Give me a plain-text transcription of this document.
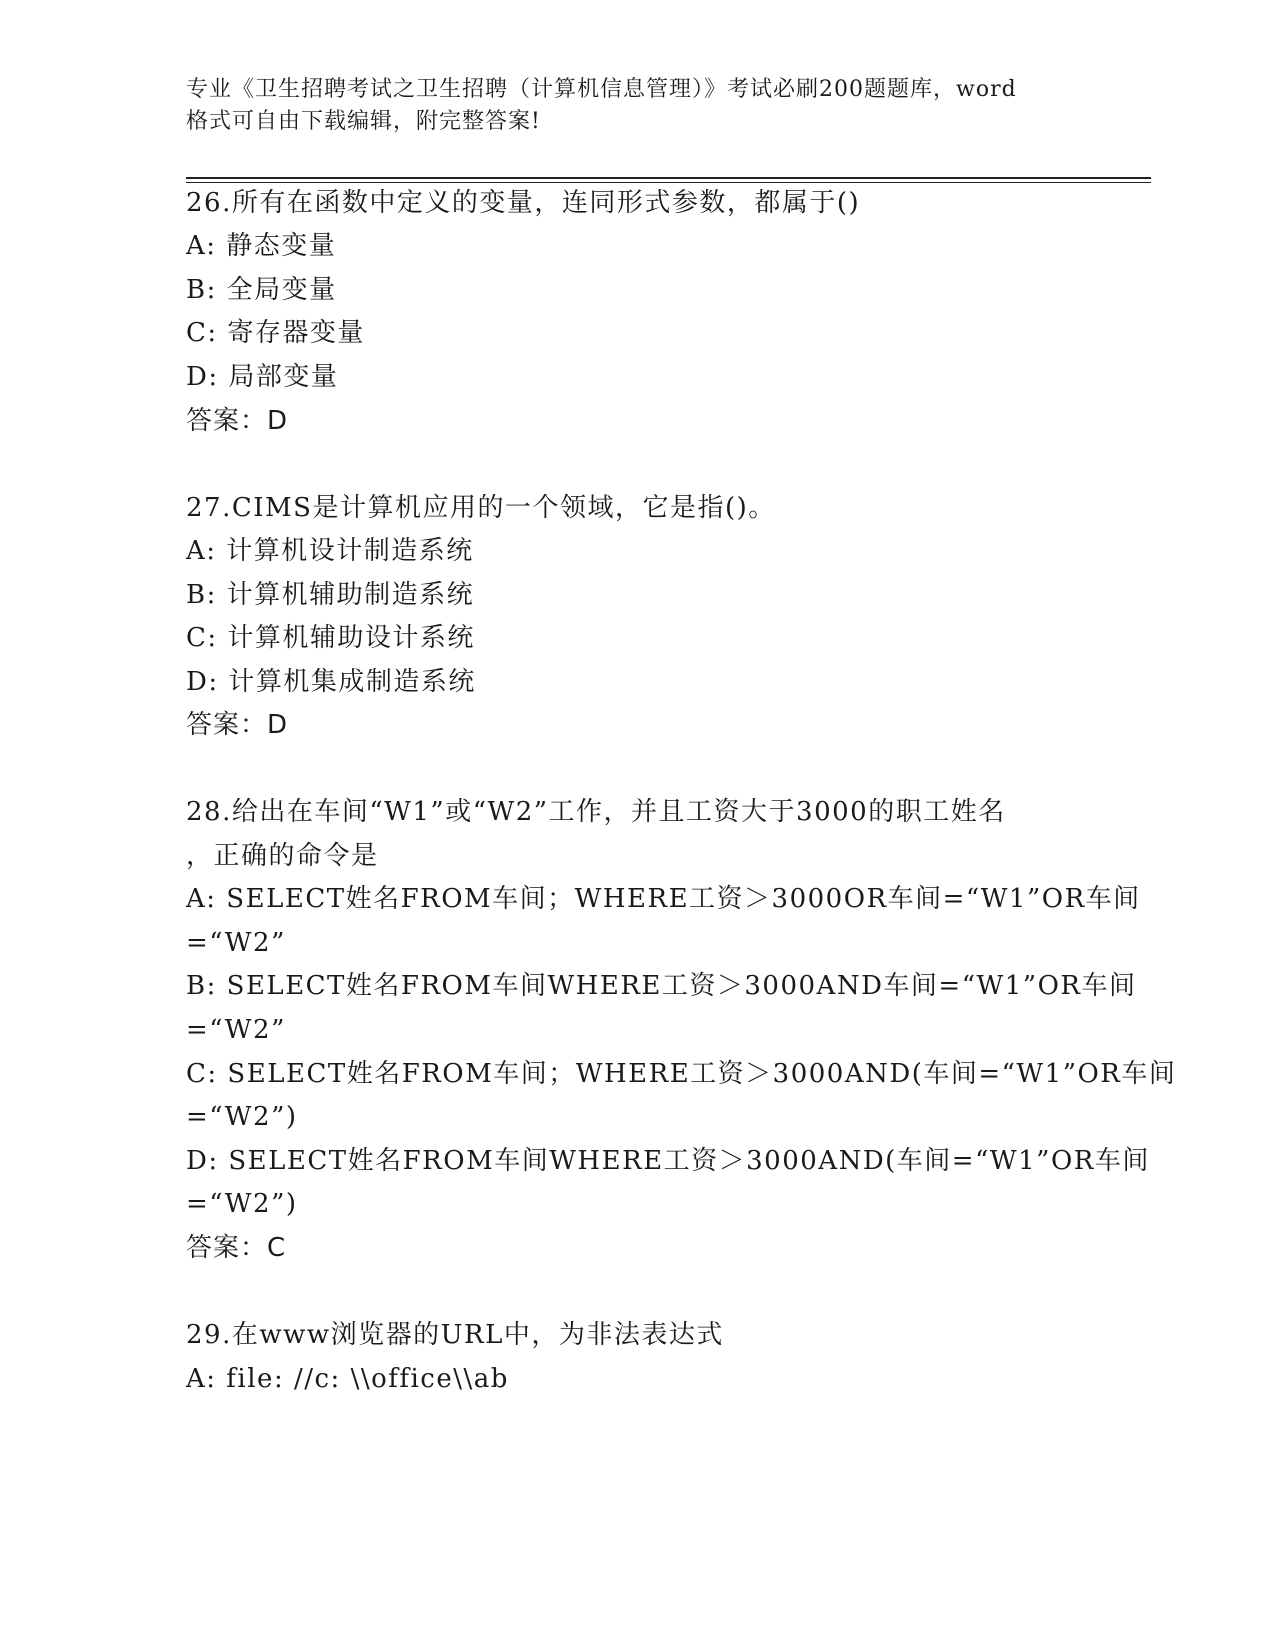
专业《卫生招聘考试之卫生招聘（计算机信息管理）》考试必刷200题题库，word
格式可自由下载编辑，附完整答案!

26.所有在函数中定义的变量，连同形式参数，都属于()

A: 静态变量

B: 全局变量

C: 寄存器变量

D: 局部变量

答案：D

27.CIMS是计算机应用的一个领域，它是指()。

A: 计算机设计制造系统

B: 计算机辅助制造系统

C: 计算机辅助设计系统

D: 计算机集成制造系统

答案：D

28.给出在车间“W1”或“W2”工作，并且工资大于3000的职工姓名

，正确的命令是

A: SELECT姓名FROM车间；WHERE工资＞3000OR车间=“W1”OR车间

=“W2”

B: SELECT姓名FROM车间WHERE工资＞3000AND车间=“W1”OR车间

=“W2”

C: SELECT姓名FROM车间；WHERE工资＞3000AND(车间=“W1”OR车间

=“W2”)

D: SELECT姓名FROM车间WHERE工资＞3000AND(车间=“W1”OR车间

=“W2”)

答案：C

29.在www浏览器的URL中，为非法表达式

A: file: //c: \\office\\ab
